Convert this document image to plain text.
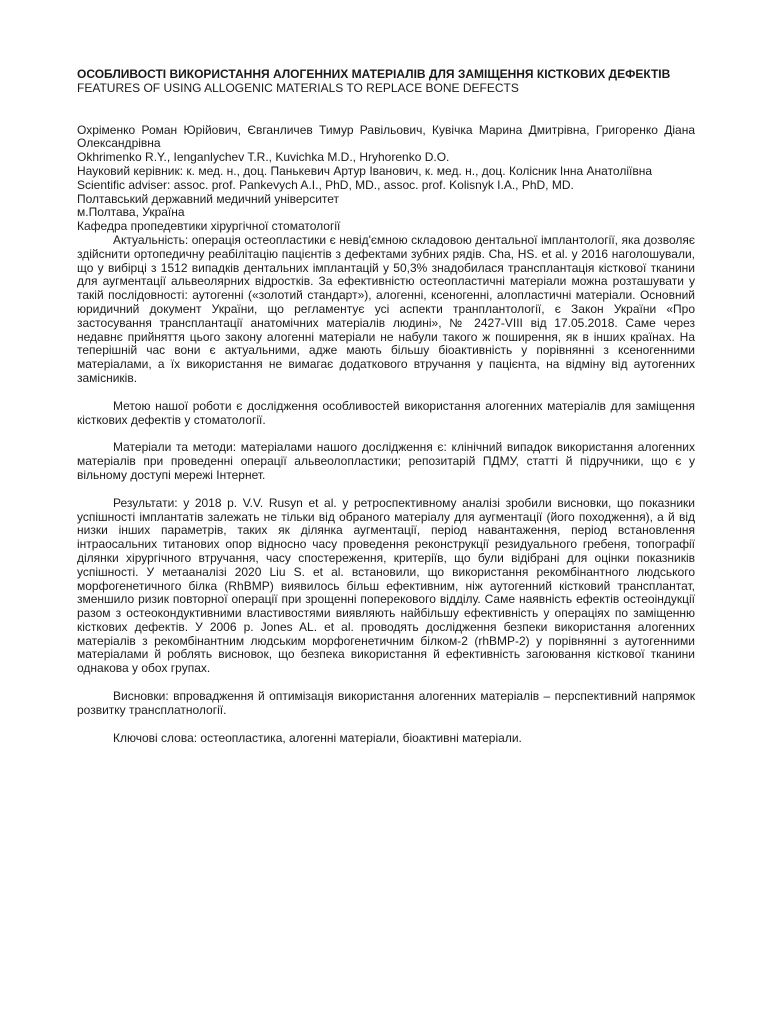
ОСОБЛИВОСТІ ВИКОРИСТАННЯ АЛОГЕННИХ МАТЕРІАЛІВ ДЛЯ ЗАМІЩЕННЯ КІСТКОВИХ ДЕФЕКТІВ

FEATURES OF USING ALLOGENIC MATERIALS TO REPLACE BONE DEFECTS

Охріменко Роман Юрійович, Євганличев Тимур Равільович, Кувічка Марина Дмитрівна, Григоренко Діана Олександрівна

Okhrimenko R.Y., Ienganlychev T.R., Kuvichka M.D., Hryhorenko D.O.

Науковий керівник: к. мед. н., доц. Панькевич Артур Іванович, к. мед. н., доц. Колісник Інна Анатоліївна

Scientific adviser: assoc. prof. Pankevych A.I., PhD, MD., assoc. prof. Kolisnyk I.A., PhD, MD.

Полтавський державний медичний університет

м.Полтава, Україна

Кафедра пропедевтики хірургічної стоматології

Актуальність: операція остеопластики є невід'ємною складовою дентальної імплантології, яка дозволяє здійснити ортопедичну реабілітацію пацієнтів з дефектами зубних рядів. Cha, HS. et al. у 2016 наголошували, що у вибірці з 1512 випадків дентальних імплантацій у 50,3% знадобилася трансплантація кісткової тканини для аугментації альвеолярних відростків. За ефективністю остеопластичні матеріали можна розташувати у такій послідовності: аутогенні («золотий стандарт»), алогенні, ксеногенні, алопластичні матеріали. Основний юридичний документ України, що регламентує усі аспекти транплантології, є Закон України «Про застосування трансплантації анатомічних матеріалів людині», № 2427-VIII від 17.05.2018. Саме через недавнє прийняття цього закону алогенні матеріали не набули такого ж поширення, як в інших країнах. На теперішній час вони є актуальними, адже мають більшу біоактивність у порівнянні з ксеногенними матеріалами, а їх використання не вимагає додаткового втручання у пацієнта, на відміну від аутогенних замісників.

Метою нашої роботи є дослідження особливостей використання алогенних матеріалів для заміщення кісткових дефектів у стоматології.

Матеріали та методи: матеріалами нашого дослідження є: клінічний випадок використання алогенних матеріалів при проведенні операції альвеолопластики; репозитарій ПДМУ, статті й підручники, що є у вільному доступі мережі Інтернет.

Результати: у 2018 р. V.V. Rusyn et al. у ретроспективному аналізі зробили висновки, що показники успішності імплантатів залежать не тільки від обраного матеріалу для аугментації (його походження), а й від низки інших параметрів, таких як ділянка аугментації, період навантаження, період встановлення інтраосальних титанових опор відносно часу проведення реконструкції резидуального гребеня, топографії ділянки хірургічного втручання, часу спостереження, критеріїв, що були відібрані для оцінки показників успішності. У метааналізі 2020 Liu S. et al. встановили, що використання рекомбінантного людського морфогенетичного білка (RhBMP) виявилось більш ефективним, ніж аутогенний кістковий трансплантат, зменшило ризик повторної операції при зрощенні поперекового відділу. Саме наявність ефектів остеоіндукції разом з остеокондуктивними властивостями виявляють найбільшу ефективність у операціях по заміщенню кісткових дефектів. У 2006 р. Jones AL. et al. проводять дослідження безпеки використання алогенних матеріалів з рекомбінантним людським морфогенетичним білком-2 (rhBMP-2) у порівнянні з аутогенними матеріалами й роблять висновок, що безпека використання й ефективність загоювання кісткової тканини однакова у обох групах.

Висновки: впровадження й оптимізація використання алогенних матеріалів – перспективний напрямок розвитку трансплатнології.

Ключові слова: остеопластика, алогенні матеріали, біоактивні матеріали.
